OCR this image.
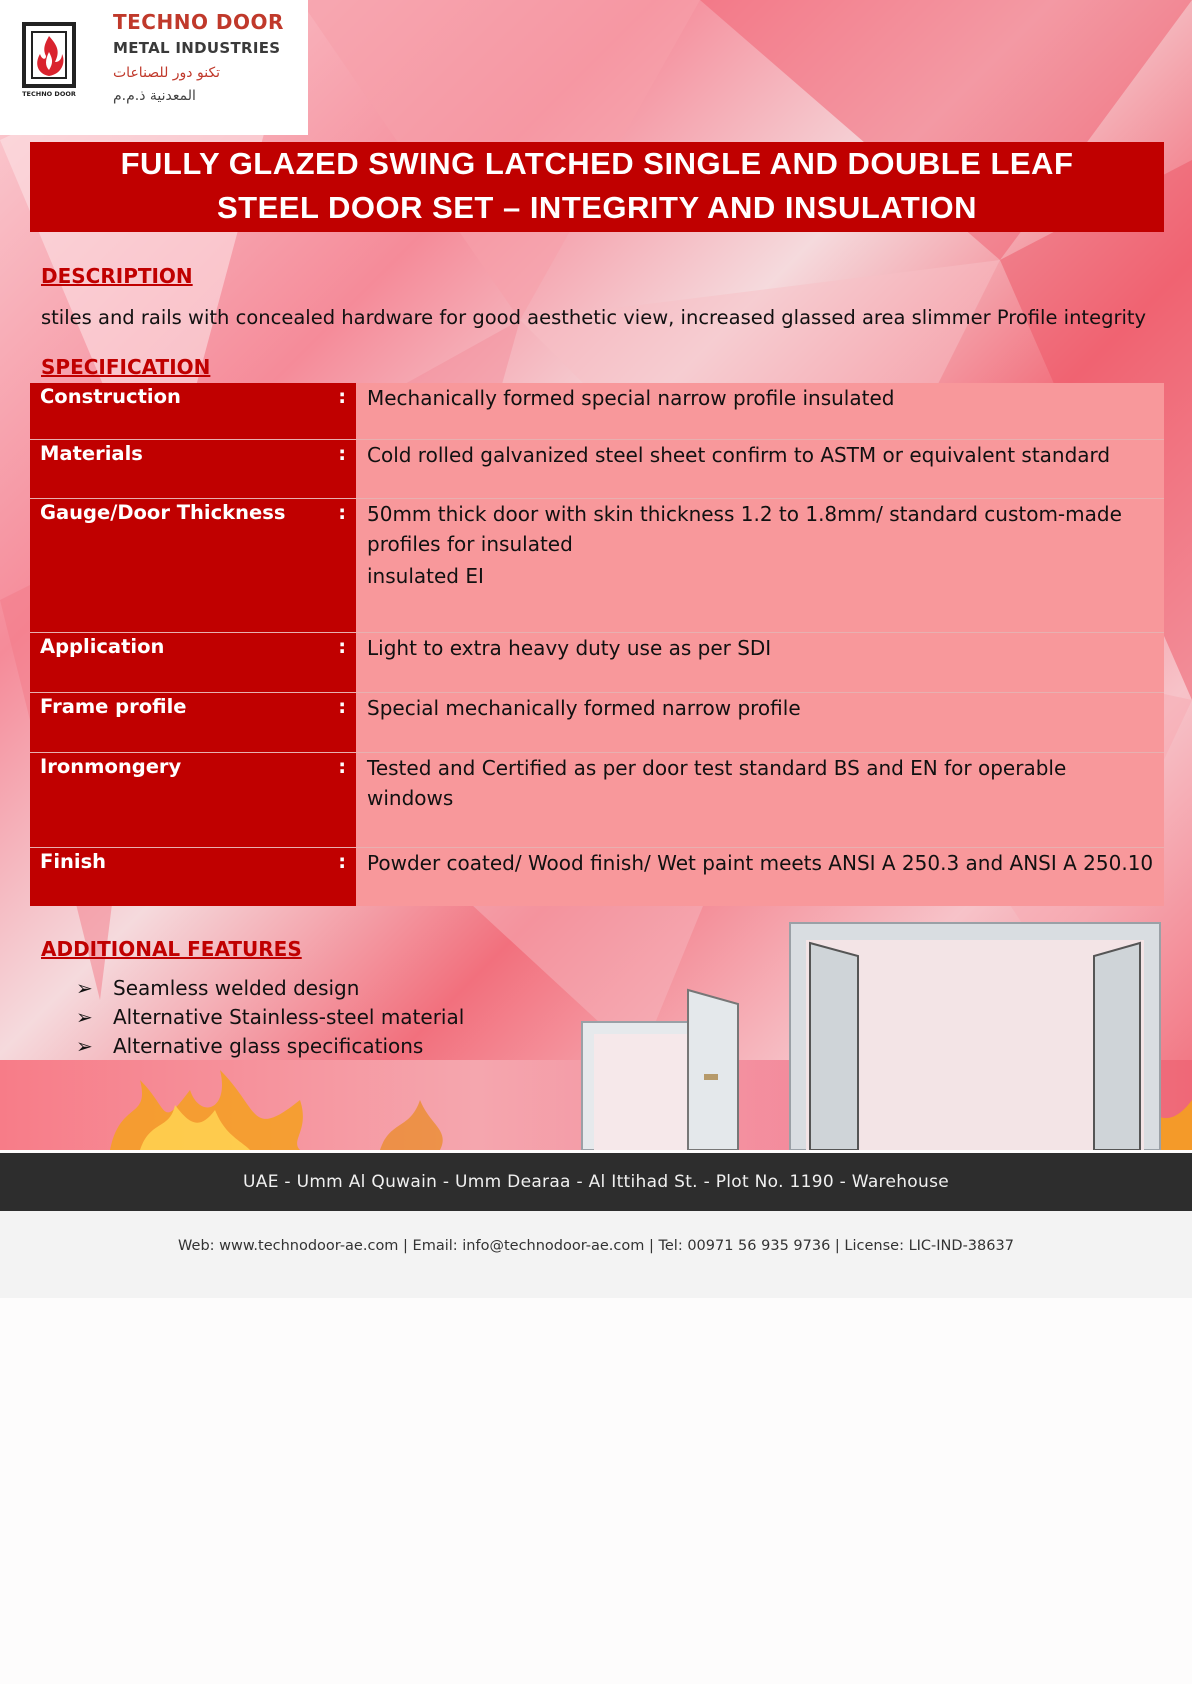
TECHNO DOOR
TECHNO DOOR
METAL INDUSTRIES
تكنو دور للصناعات
المعدنية ذ.م.م
FULLY GLAZED SWING LATCHED SINGLE AND DOUBLE LEAF
STEEL DOOR SET – INTEGRITY AND INSULATION
DESCRIPTION
stiles and rails with concealed hardware for good aesthetic view, increased glassed area slimmer Profile integrity
SPECIFICATION
Construction	: Mechanically formed special narrow profile insulated
Materials	: Cold rolled galvanized steel sheet confirm to ASTM or equivalent standard
Gauge/Door Thickness	: 50mm thick door with skin thickness 1.2 to 1.8mm/ standard custom-made profiles for insulated
insulated EI
Application	: Light to extra heavy duty use as per SDI
Frame profile	: Special mechanically formed narrow profile
Ironmongery	: Tested and Certified as per door test standard BS and EN for operable windows
Finish	: Powder coated/ Wood finish/ Wet paint meets ANSI A 250.3 and ANSI A 250.10
ADDITIONAL FEATURES
➢ Seamless welded design
➢ Alternative Stainless-steel material
➢ Alternative glass specifications
UAE - Umm Al Quwain - Umm Dearaa - Al Ittihad St. - Plot No. 1190 - Warehouse
Web: www.technodoor-ae.com | Email: info@technodoor-ae.com | Tel: 00971 56 935 9736 | License: LIC-IND-38637
